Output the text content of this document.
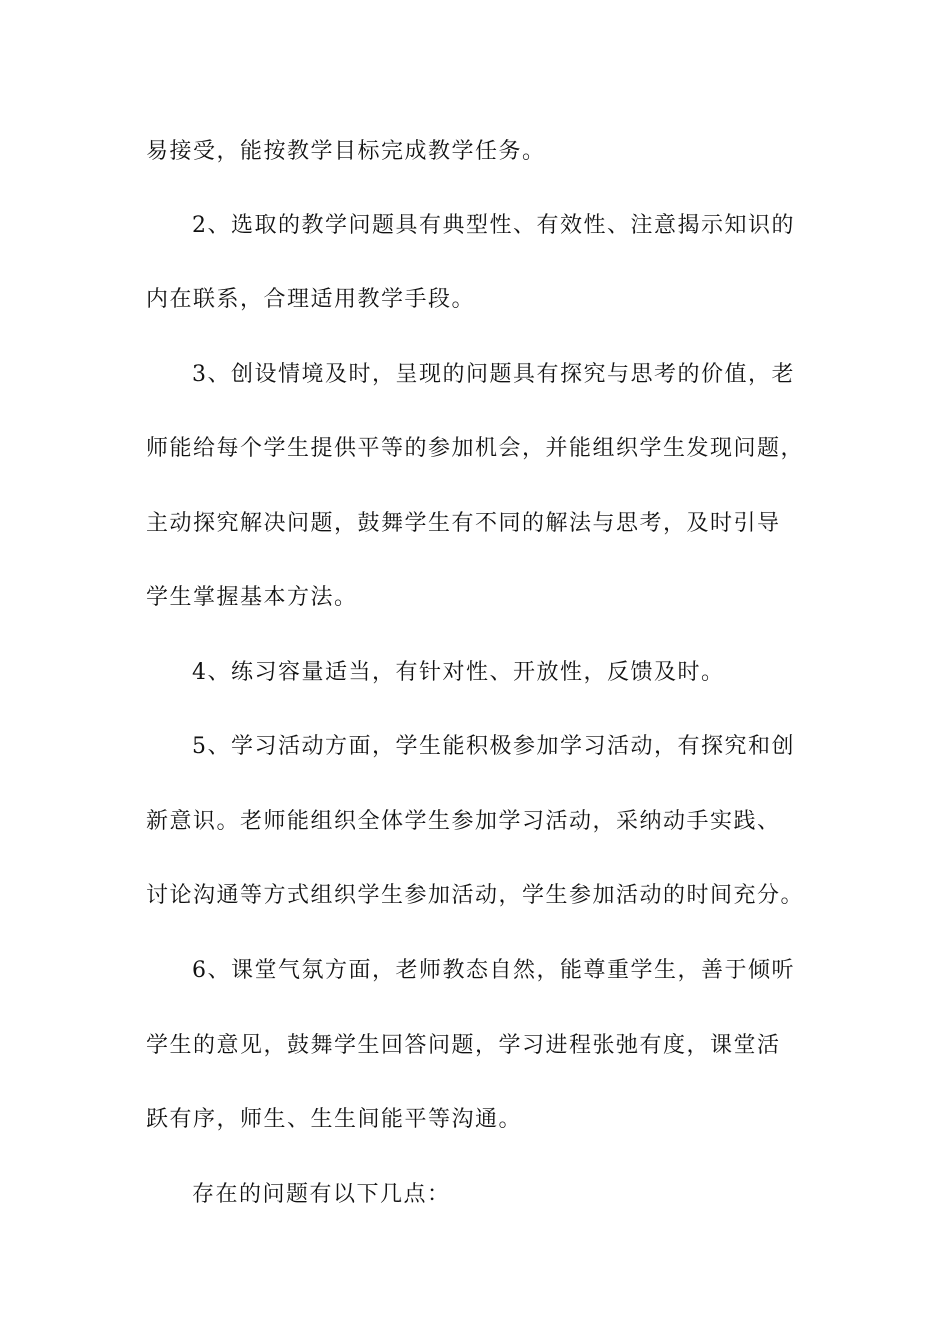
易接受，能按教学目标完成教学任务。

2、选取的教学问题具有典型性、有效性、注意揭示知识的

内在联系，合理适用教学手段。

3、创设情境及时，呈现的问题具有探究与思考的价值，老

师能给每个学生提供平等的参加机会，并能组织学生发现问题，

主动探究解决问题，鼓舞学生有不同的解法与思考，及时引导

学生掌握基本方法。

4、练习容量适当，有针对性、开放性，反馈及时。

5、学习活动方面，学生能积极参加学习活动，有探究和创

新意识。老师能组织全体学生参加学习活动，采纳动手实践、

讨论沟通等方式组织学生参加活动，学生参加活动的时间充分。

6、课堂气氛方面，老师教态自然，能尊重学生，善于倾听

学生的意见，鼓舞学生回答问题，学习进程张弛有度，课堂活

跃有序，师生、生生间能平等沟通。

存在的问题有以下几点：
